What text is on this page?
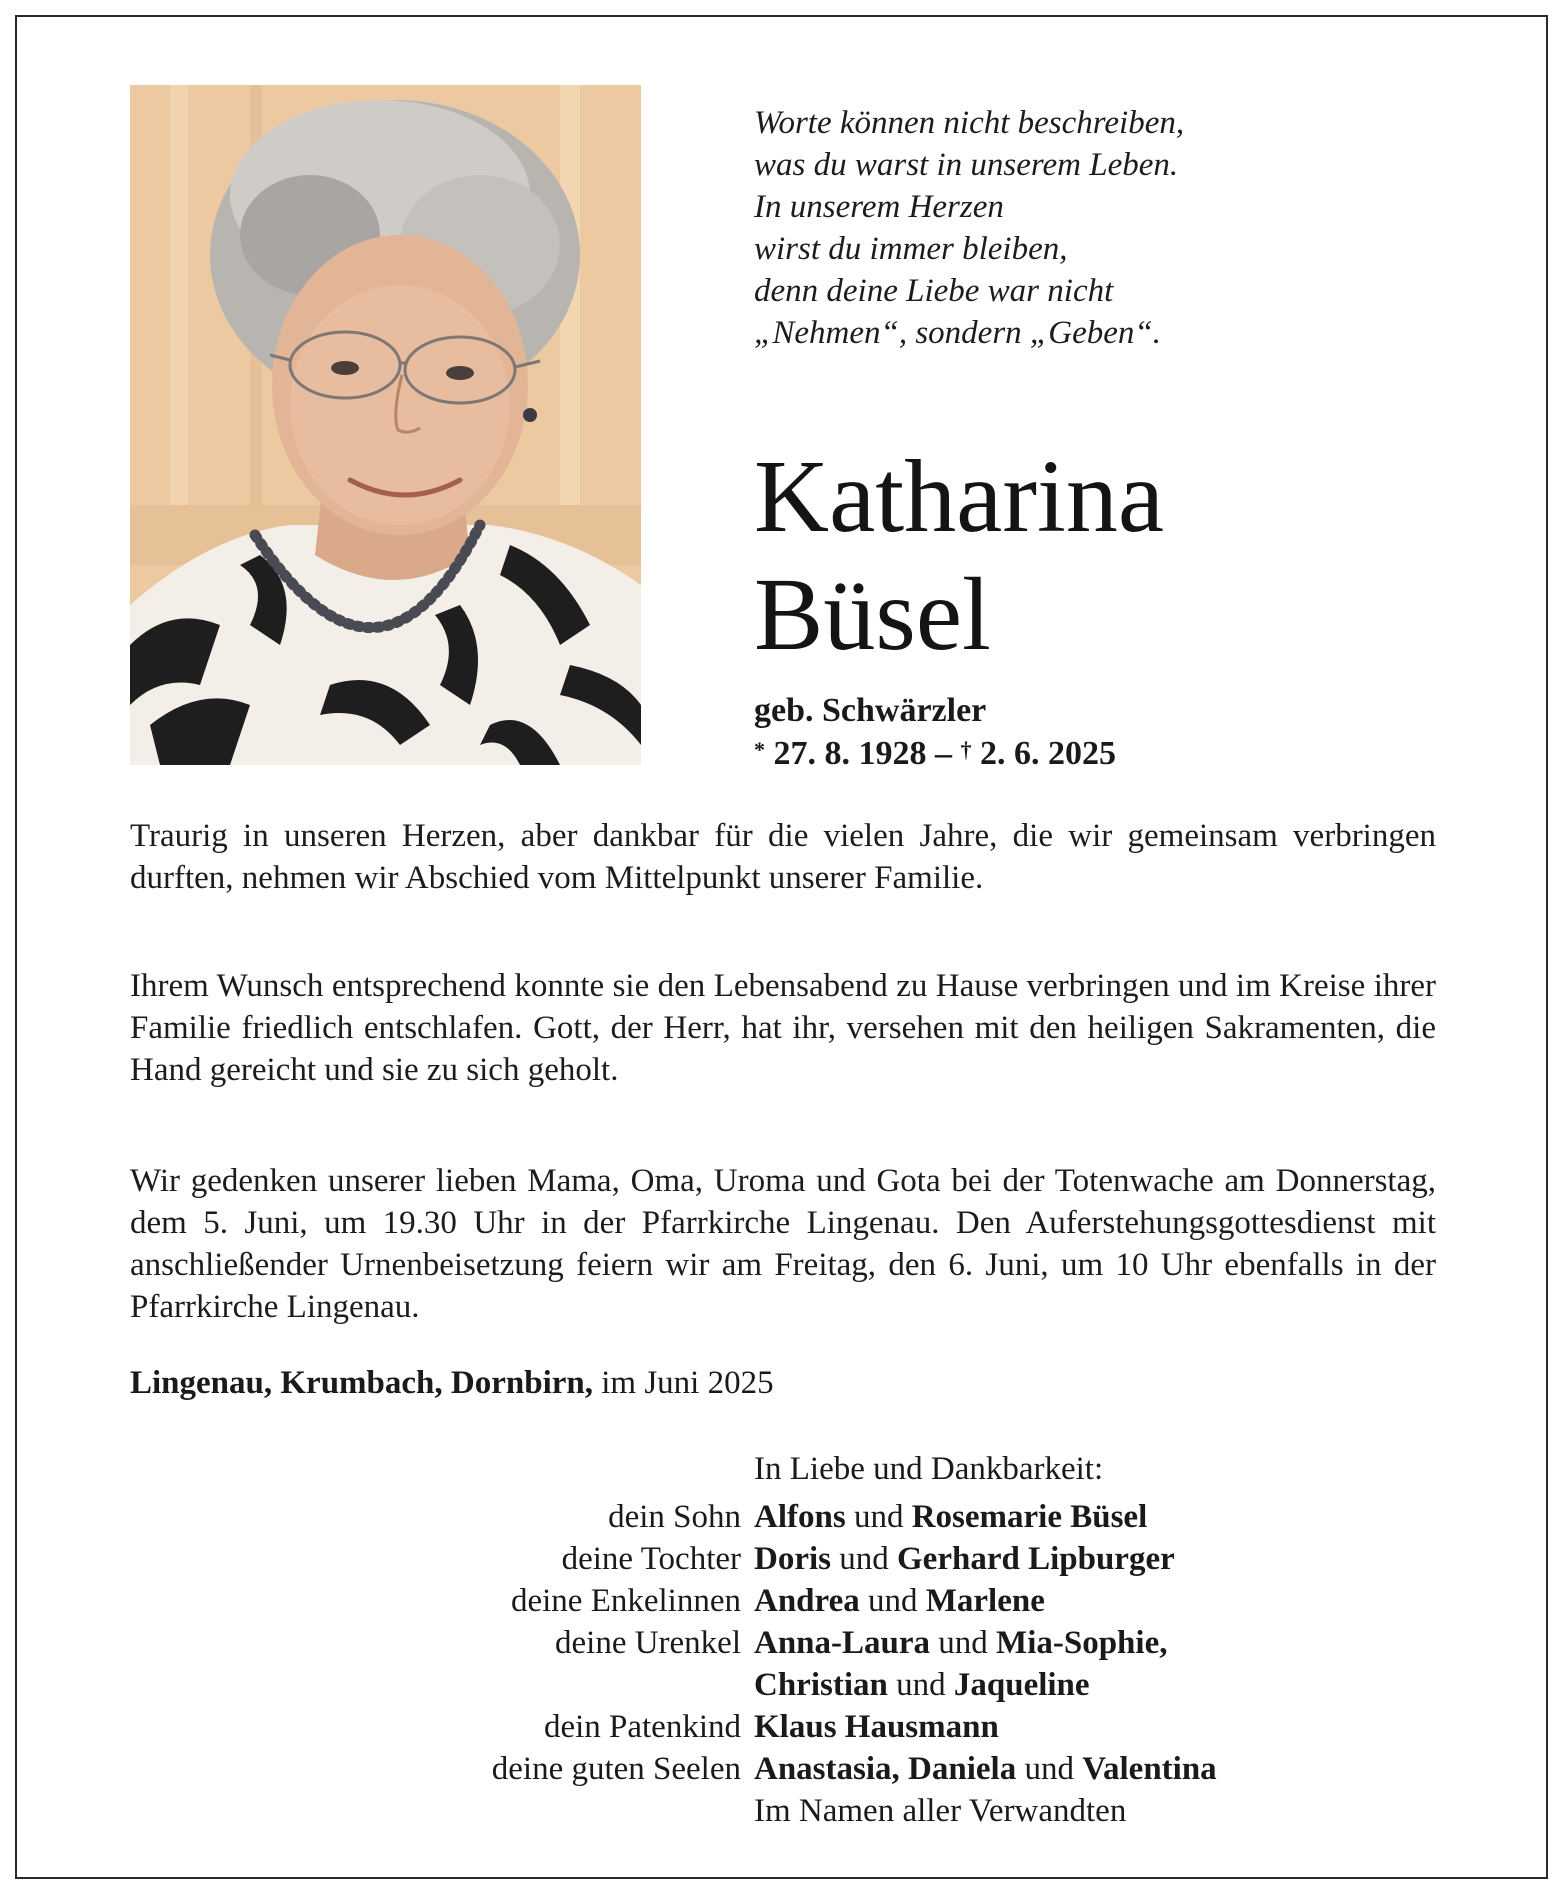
Worte können nicht beschreiben,
was du warst in unserem Leben.
In unserem Herzen
wirst du immer bleiben,
denn deine Liebe war nicht
„Nehmen“, sondern „Geben“.
Katharina
Büsel
geb. Schwärzler
* 27. 8. 1928 – † 2. 6. 2025
Traurig in unseren Herzen, aber dankbar für die vielen Jahre, die wir gemeinsam verbringen durften, nehmen wir Abschied vom Mittelpunkt unserer Familie.
Ihrem Wunsch entsprechend konnte sie den Lebensabend zu Hause verbringen und im Kreise ihrer Familie friedlich entschlafen. Gott, der Herr, hat ihr, versehen mit den heiligen Sakramenten, die Hand gereicht und sie zu sich geholt.
Wir gedenken unserer lieben Mama, Oma, Uroma und Gota bei der Totenwache am Donnerstag, dem 5. Juni, um 19.30 Uhr in der Pfarrkirche Lingenau. Den Auferstehungsgottesdienst mit anschließender Urnenbeisetzung feiern wir am Freitag, den 6. Juni, um 10 Uhr ebenfalls in der Pfarrkirche Lingenau.
Lingenau, Krumbach, Dornbirn, im Juni 2025
In Liebe und Dankbarkeit:
dein Sohn Alfons und Rosemarie Büsel
deine Tochter Doris und Gerhard Lipburger
deine Enkelinnen Andrea und Marlene
deine Urenkel Anna-Laura und Mia-Sophie,
Christian und Jaqueline
dein Patenkind Klaus Hausmann
deine guten Seelen Anastasia, Daniela und Valentina
Im Namen aller Verwandten
